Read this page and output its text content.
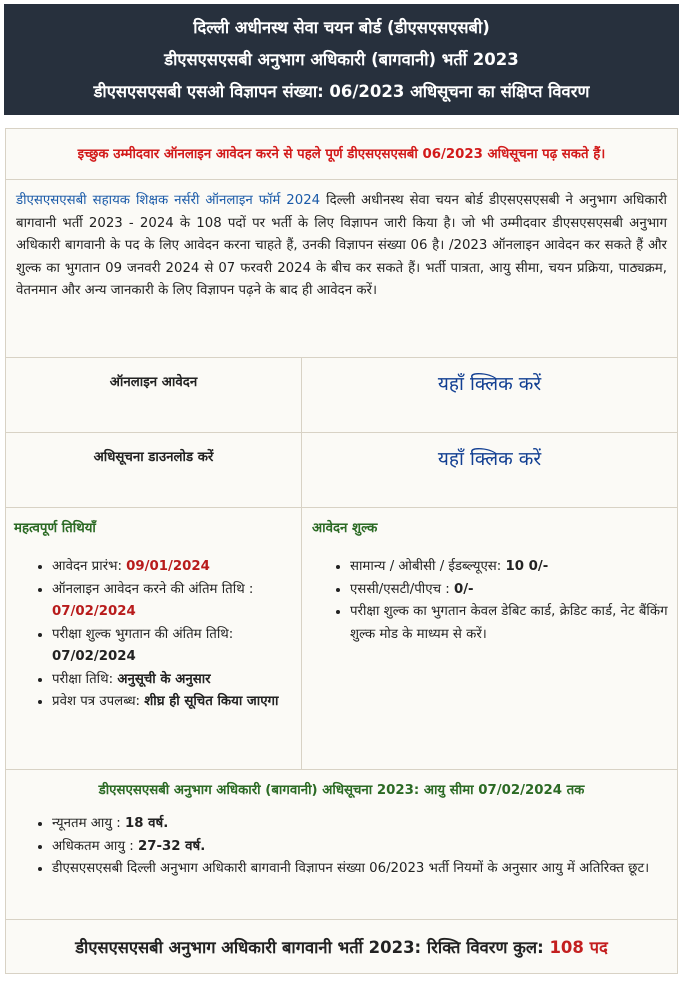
दिल्ली अधीनस्थ सेवा चयन बोर्ड (डीएसएसएसबी)
डीएसएसएसबी अनुभाग अधिकारी (बागवानी) भर्ती 2023
डीएसएसएसबी एसओ विज्ञापन संख्या: 06/2023 अधिसूचना का संक्षिप्त विवरण
इच्छुक उम्मीदवार ऑनलाइन आवेदन करने से पहले पूर्ण डीएसएसएसबी 06/2023 अधिसूचना पढ़ सकते हैं।
डीएसएसएसबी सहायक शिक्षक नर्सरी ऑनलाइन फॉर्म 2024 दिल्ली अधीनस्थ सेवा चयन बोर्ड डीएसएसएसबी ने अनुभाग अधिकारी बागवानी भर्ती 2023 - 2024 के 108 पदों पर भर्ती के लिए विज्ञापन जारी किया है। जो भी उम्मीदवार डीएसएसएसबी अनुभाग अधिकारी बागवानी के पद के लिए आवेदन करना चाहते हैं, उनकी विज्ञापन संख्या 06 है। /2023 ऑनलाइन आवेदन कर सकते हैं और शुल्क का भुगतान 09 जनवरी 2024 से 07 फरवरी 2024 के बीच कर सकते हैं। भर्ती पात्रता, आयु सीमा, चयन प्रक्रिया, पाठ्यक्रम, वेतनमान और अन्य जानकारी के लिए विज्ञापन पढ़ने के बाद ही आवेदन करें।
ऑनलाइन आवेदन	यहाँ क्लिक करें
अधिसूचना डाउनलोड करें	यहाँ क्लिक करें
महत्वपूर्ण तिथियाँ
• आवेदन प्रारंभ: 09/01/2024
• ऑनलाइन आवेदन करने की अंतिम तिथि : 07/02/2024
• परीक्षा शुल्क भुगतान की अंतिम तिथि: 07/02/2024
• परीक्षा तिथि: अनुसूची के अनुसार
• प्रवेश पत्र उपलब्ध: शीघ्र ही सूचित किया जाएगा
आवेदन शुल्क
• सामान्य / ओबीसी / ईडब्ल्यूएस: 10 0/-
• एससी/एसटी/पीएच : 0/-
• परीक्षा शुल्क का भुगतान केवल डेबिट कार्ड, क्रेडिट कार्ड, नेट बैंकिंग शुल्क मोड के माध्यम से करें।
डीएसएसएसबी अनुभाग अधिकारी (बागवानी) अधिसूचना 2023: आयु सीमा 07/02/2024 तक
• न्यूनतम आयु : 18 वर्ष.
• अधिकतम आयु : 27-32 वर्ष.
• डीएसएसएसबी दिल्ली अनुभाग अधिकारी बागवानी विज्ञापन संख्या 06/2023 भर्ती नियमों के अनुसार आयु में अतिरिक्त छूट।
डीएसएसएसबी अनुभाग अधिकारी बागवानी भर्ती 2023: रिक्ति विवरण कुल: 108 पद
